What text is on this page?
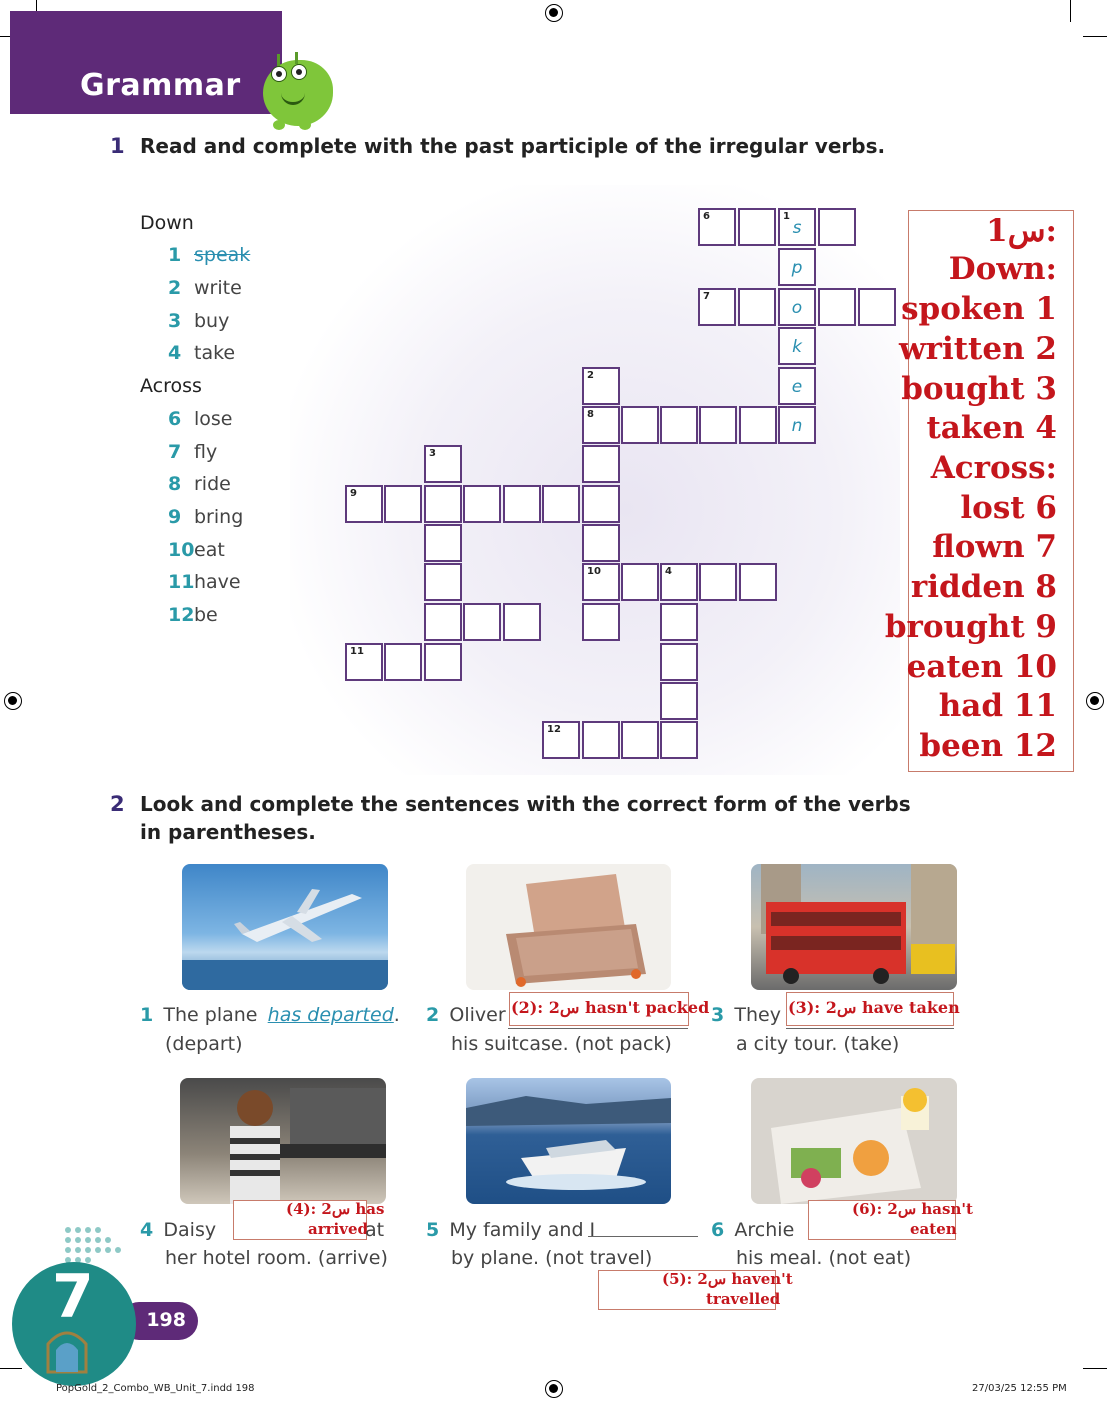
Grammar
1 Read and complete with the past participle of the irregular verbs.
Down
1 speak
2 write
3 buy
4 take
Across
6 lose
7 fly
8 ride
9 bring
10eat
11have
12be
6	1
s
p
7
o
k
e
2
8
n
3
9
10	4
11
12
س1:
Down:
spoken 1
written 2
bought 3
taken 4
Across:
lost 6
flown 7
ridden 8
brought 9
eaten 10
had 11
been 12
2 Look and complete the sentences with the correct form of the verbs
in parentheses.
1 The plane has departed.
(depart)
2 Oliver س2 :(2) hasn't packed
his suitcase. (not pack)
3 They س2 :(3) have taken
a city tour. (take)
4 Daisy
س2 :(4) has
arrived
at
her hotel room. (arrive)
5 My family and I
by plane. (not travel)
س2 :(5) haven't
travelled
6 Archie
س2 :(6) hasn't
eaten
his meal. (not eat)
198
7
PopGold_2_Combo_WB_Unit_7.indd 198	27/03/25 12:55 PM
